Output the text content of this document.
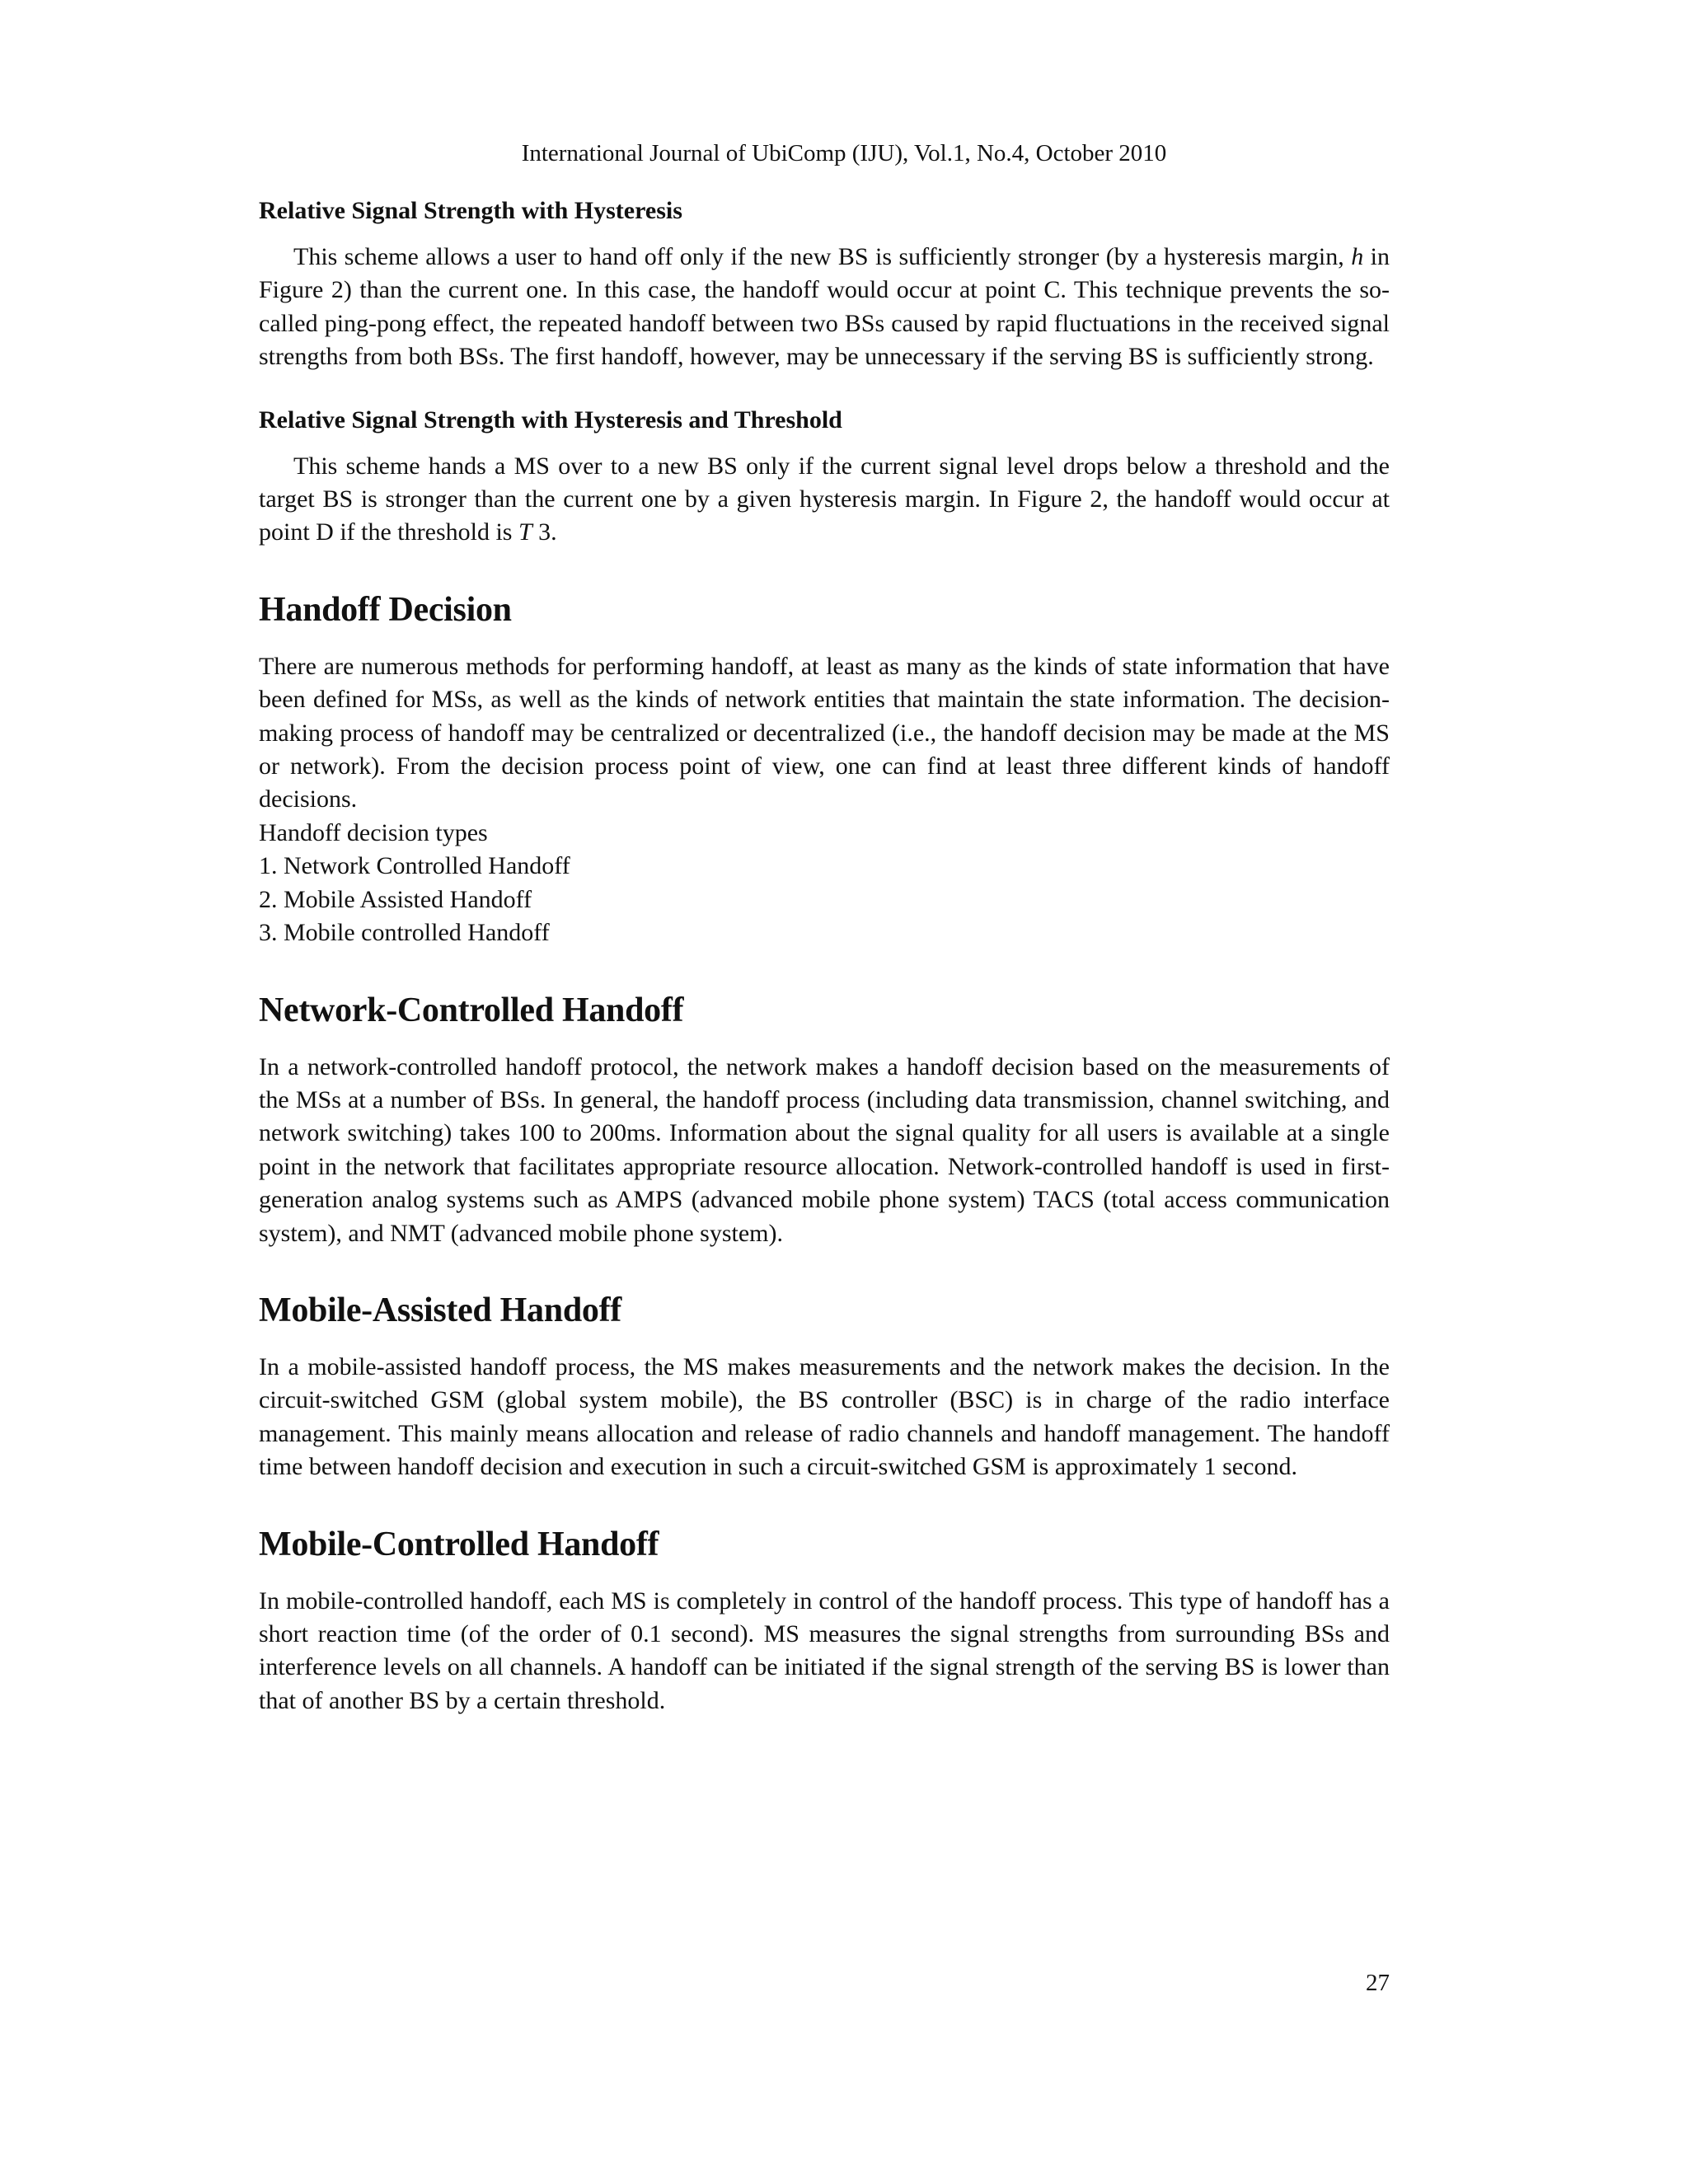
International Journal of UbiComp (IJU), Vol.1, No.4, October 2010
Relative Signal Strength with Hysteresis

This scheme allows a user to hand off only if the new BS is sufficiently stronger (by a hysteresis margin, h in Figure 2) than the current one. In this case, the handoff would occur at point C. This technique prevents the so-called ping-pong effect, the repeated handoff between two BSs caused by rapid fluctuations in the received signal strengths from both BSs. The first handoff, however, may be unnecessary if the serving BS is sufficiently strong.

Relative Signal Strength with Hysteresis and Threshold

This scheme hands a MS over to a new BS only if the current signal level drops below a threshold and the target BS is stronger than the current one by a given hysteresis margin. In Figure 2, the handoff would occur at point D if the threshold is T 3.

Handoff Decision

There are numerous methods for performing handoff, at least as many as the kinds of state information that have been defined for MSs, as well as the kinds of network entities that maintain the state information. The decision-making process of handoff may be centralized or decentralized (i.e., the handoff decision may be made at the MS or network). From the decision process point of view, one can find at least three different kinds of handoff decisions.

Handoff decision types
1. Network Controlled Handoff
2. Mobile Assisted Handoff
3. Mobile controlled Handoff
Network-Controlled Handoff

In a network-controlled handoff protocol, the network makes a handoff decision based on the measurements of the MSs at a number of BSs. In general, the handoff process (including data transmission, channel switching, and network switching) takes 100 to 200ms. Information about the signal quality for all users is available at a single point in the network that facilitates appropriate resource allocation. Network-controlled handoff is used in first-generation analog systems such as AMPS (advanced mobile phone system) TACS (total access communication system), and NMT (advanced mobile phone system).

Mobile-Assisted Handoff

In a mobile-assisted handoff process, the MS makes measurements and the network makes the decision. In the circuit-switched GSM (global system mobile), the BS controller (BSC) is in charge of the radio interface management. This mainly means allocation and release of radio channels and handoff management. The handoff time between handoff decision and execution in such a circuit-switched GSM is approximately 1 second.

Mobile-Controlled Handoff

In mobile-controlled handoff, each MS is completely in control of the handoff process. This type of handoff has a short reaction time (of the order of 0.1 second). MS measures the signal strengths from surrounding BSs and interference levels on all channels. A handoff can be initiated if the signal strength of the serving BS is lower than that of another BS by a certain threshold.

27
